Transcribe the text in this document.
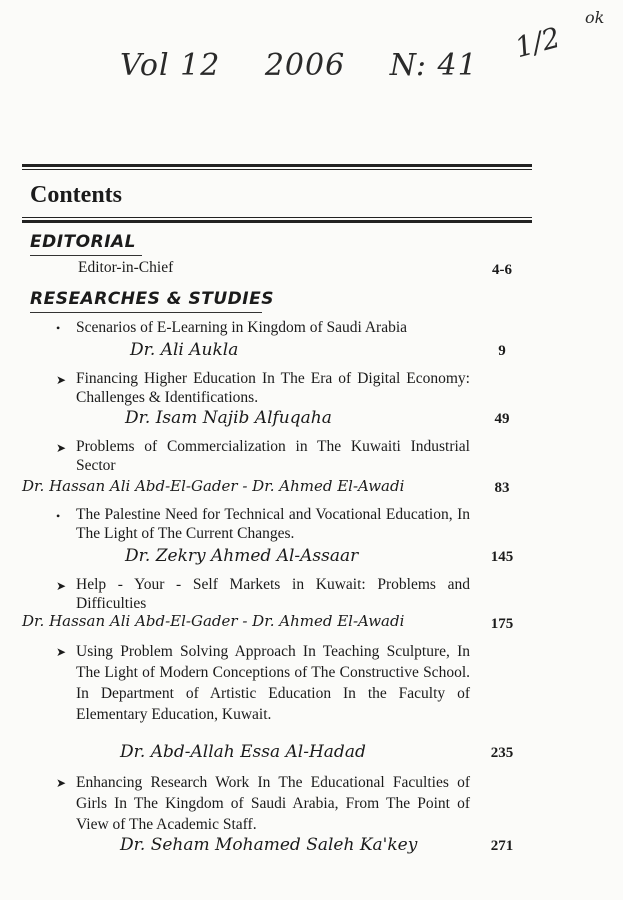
Vol 12 2006 N: 41
ok
1/2
Contents
EDITORIAL
Editor-in-Chief	4-6
RESEARCHES & STUDIES
•	Scenarios of E-Learning in Kingdom of Saudi Arabia
Dr. Ali Aukla	9
➤ Financing Higher Education In The Era of Digital Economy: Challenges & Identifications.
Dr. Isam Najib Alfuqaha	49
➤ Problems of Commercialization in The Kuwaiti Industrial Sector
Dr. Hassan Ali Abd-El-Gader - Dr. Ahmed El-Awadi	83
•	The Palestine Need for Technical and Vocational Education, In The Light of The Current Changes.
Dr. Zekry Ahmed Al-Assaar	145
➤ Help - Your - Self Markets in Kuwait: Problems and Difficulties
Dr. Hassan Ali Abd-El-Gader - Dr. Ahmed El-Awadi	175
➤ Using Problem Solving Approach In Teaching Sculpture, In The Light of Modern Conceptions of The Constructive School. In Department of Artistic Education In the Faculty of Elementary Education, Kuwait.
Dr. Abd-Allah Essa Al-Hadad	235
➤ Enhancing Research Work In The Educational Faculties of Girls In The Kingdom of Saudi Arabia, From The Point of View of The Academic Staff.
Dr. Seham Mohamed Saleh Ka'key	271
